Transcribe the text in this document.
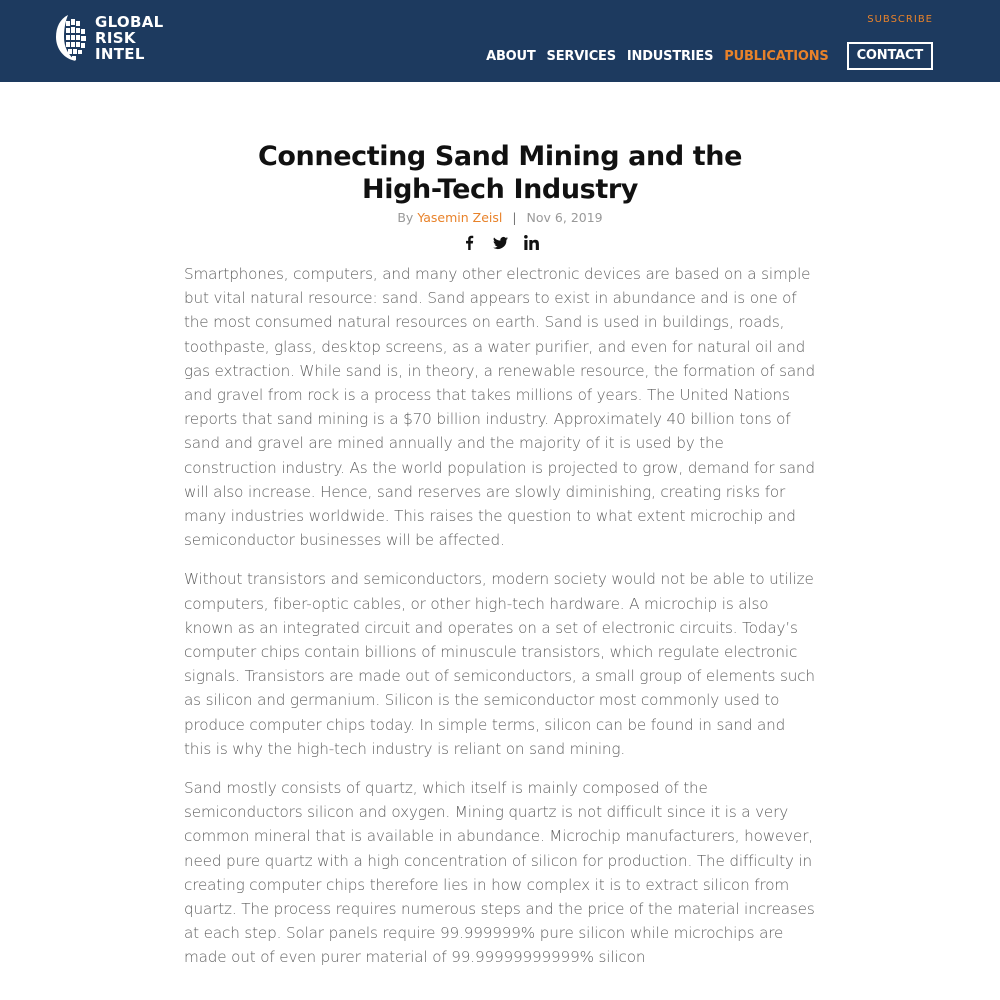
GLOBAL
RISK
INTEL
SUBSCRIBE
ABOUT SERVICES INDUSTRIES PUBLICATIONS	CONTACT
Connecting Sand Mining and the
High-Tech Industry
By Yasemin Zeisl | Nov 6, 2019

Smartphones, computers, and many other electronic devices are based on a simple but vital natural resource: sand. Sand appears to exist in abundance and is one of the most consumed natural resources on earth. Sand is used in buildings, roads, toothpaste, glass, desktop screens, as a water purifier, and even for natural oil and gas extraction. While sand is, in theory, a renewable resource, the formation of sand and gravel from rock is a process that takes millions of years. The United Nations reports that sand mining is a $70 billion industry. Approximately 40 billion tons of sand and gravel are mined annually and the majority of it is used by the construction industry. As the world population is projected to grow, demand for sand will also increase. Hence, sand reserves are slowly diminishing, creating risks for many industries worldwide. This raises the question to what extent microchip and semiconductor businesses will be affected.

Without transistors and semiconductors, modern society would not be able to utilize computers, fiber-optic cables, or other high-tech hardware. A microchip is also known as an integrated circuit and operates on a set of electronic circuits. Today’s computer chips contain billions of minuscule transistors, which regulate electronic signals. Transistors are made out of semiconductors, a small group of elements such as silicon and germanium. Silicon is the semiconductor most commonly used to produce computer chips today. In simple terms, silicon can be found in sand and this is why the high-tech industry is reliant on sand mining.

Sand mostly consists of quartz, which itself is mainly composed of the semiconductors silicon and oxygen. Mining quartz is not difficult since it is a very common mineral that is available in abundance. Microchip manufacturers, however, need pure quartz with a high concentration of silicon for production. The difficulty in creating computer chips therefore lies in how complex it is to extract silicon from quartz. The process requires numerous steps and the price of the material increases at each step. Solar panels require 99.999999% pure silicon while microchips are made out of even purer material of 99.99999999999% silicon
